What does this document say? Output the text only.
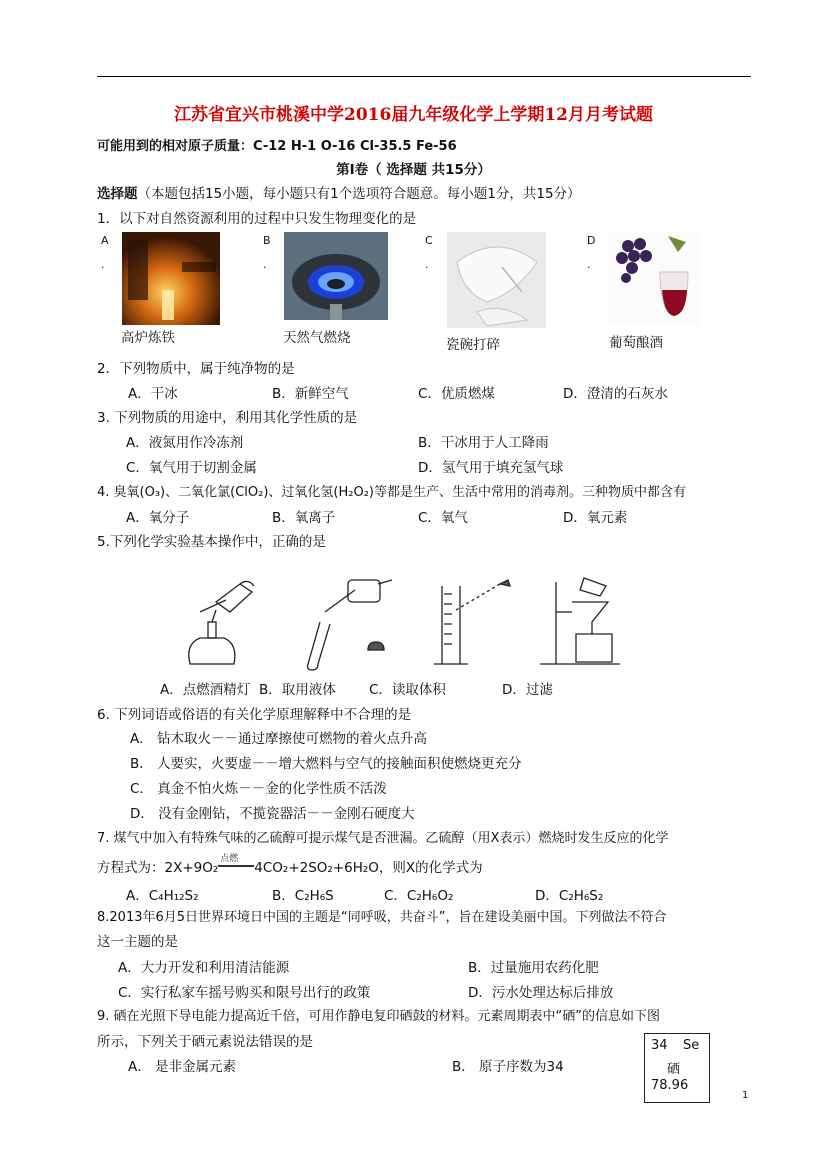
江苏省宜兴市桃溪中学2016届九年级化学上学期12月月考试题
可能用到的相对原子质量：C-12 H-1 O-16 Cl-35.5 Fe-56
第Ⅰ卷（ 选择题 共15分）
选择题（本题包括15小题，每小题只有1个选项符合题意。每小题1分，共15分）
1．以下对自然资源利用的过程中只发生物理变化的是
A
.
高炉炼铁
B
.
天然气燃烧
C
.
瓷碗打碎
D
.
葡萄酿酒
2．下列物质中，属于纯净物的是
A．干冰	B．新鲜空气	C．优质燃煤	D．澄清的石灰水
3. 下列物质的用途中，利用其化学性质的是
A．液氮用作冷冻剂	B．干冰用于人工降雨
C．氧气用于切割金属	D．氢气用于填充氢气球
4. 臭氧(O₃)、二氧化氯(ClO₂)、过氧化氢(H₂O₂)等都是生产、生活中常用的消毒剂。三种物质中都含有
A．氧分子	B．氧离子	C．氧气	D．氧元素
5.下列化学实验基本操作中，正确的是
A．点燃酒精灯 B．取用液体 C．读取体积	D．过滤
6. 下列词语或俗语的有关化学原理解释中不合理的是
A． 钻木取火－－通过摩擦使可燃物的着火点升高
B． 人要实，火要虚－－增大燃料与空气的接触面积使燃烧更充分
C． 真金不怕火炼－－金的化学性质不活泼
D． 没有金刚钻，不揽瓷器活－－金刚石硬度大
7. 煤气中加入有特殊气味的乙硫醇可提示煤气是否泄漏。乙硫醇（用X表示）燃烧时发生反应的化学
方程式为：2X+9O₂
点燃
4CO₂+2SO₂+6H₂O，则X的化学式为
A．C₄H₁₂S₂	B．C₂H₆S	C．C₂H₆O₂	D．C₂H₆S₂
8.2013年6月5日世界环境日中国的主题是“同呼吸，共奋斗”，旨在建设美丽中国。下列做法不符合
这一主题的是
A．大力开发和利用清洁能源	B．过量施用农药化肥
C．实行私家车摇号购买和限号出行的政策	D．污水处理达标后排放
9. 硒在光照下导电能力提高近千倍，可用作静电复印硒鼓的材料。元素周期表中“硒”的信息如下图
所示，下列关于硒元素说法错误的是
A． 是非金属元素	B． 原子序数为34
34 Se
硒
78.96
1
